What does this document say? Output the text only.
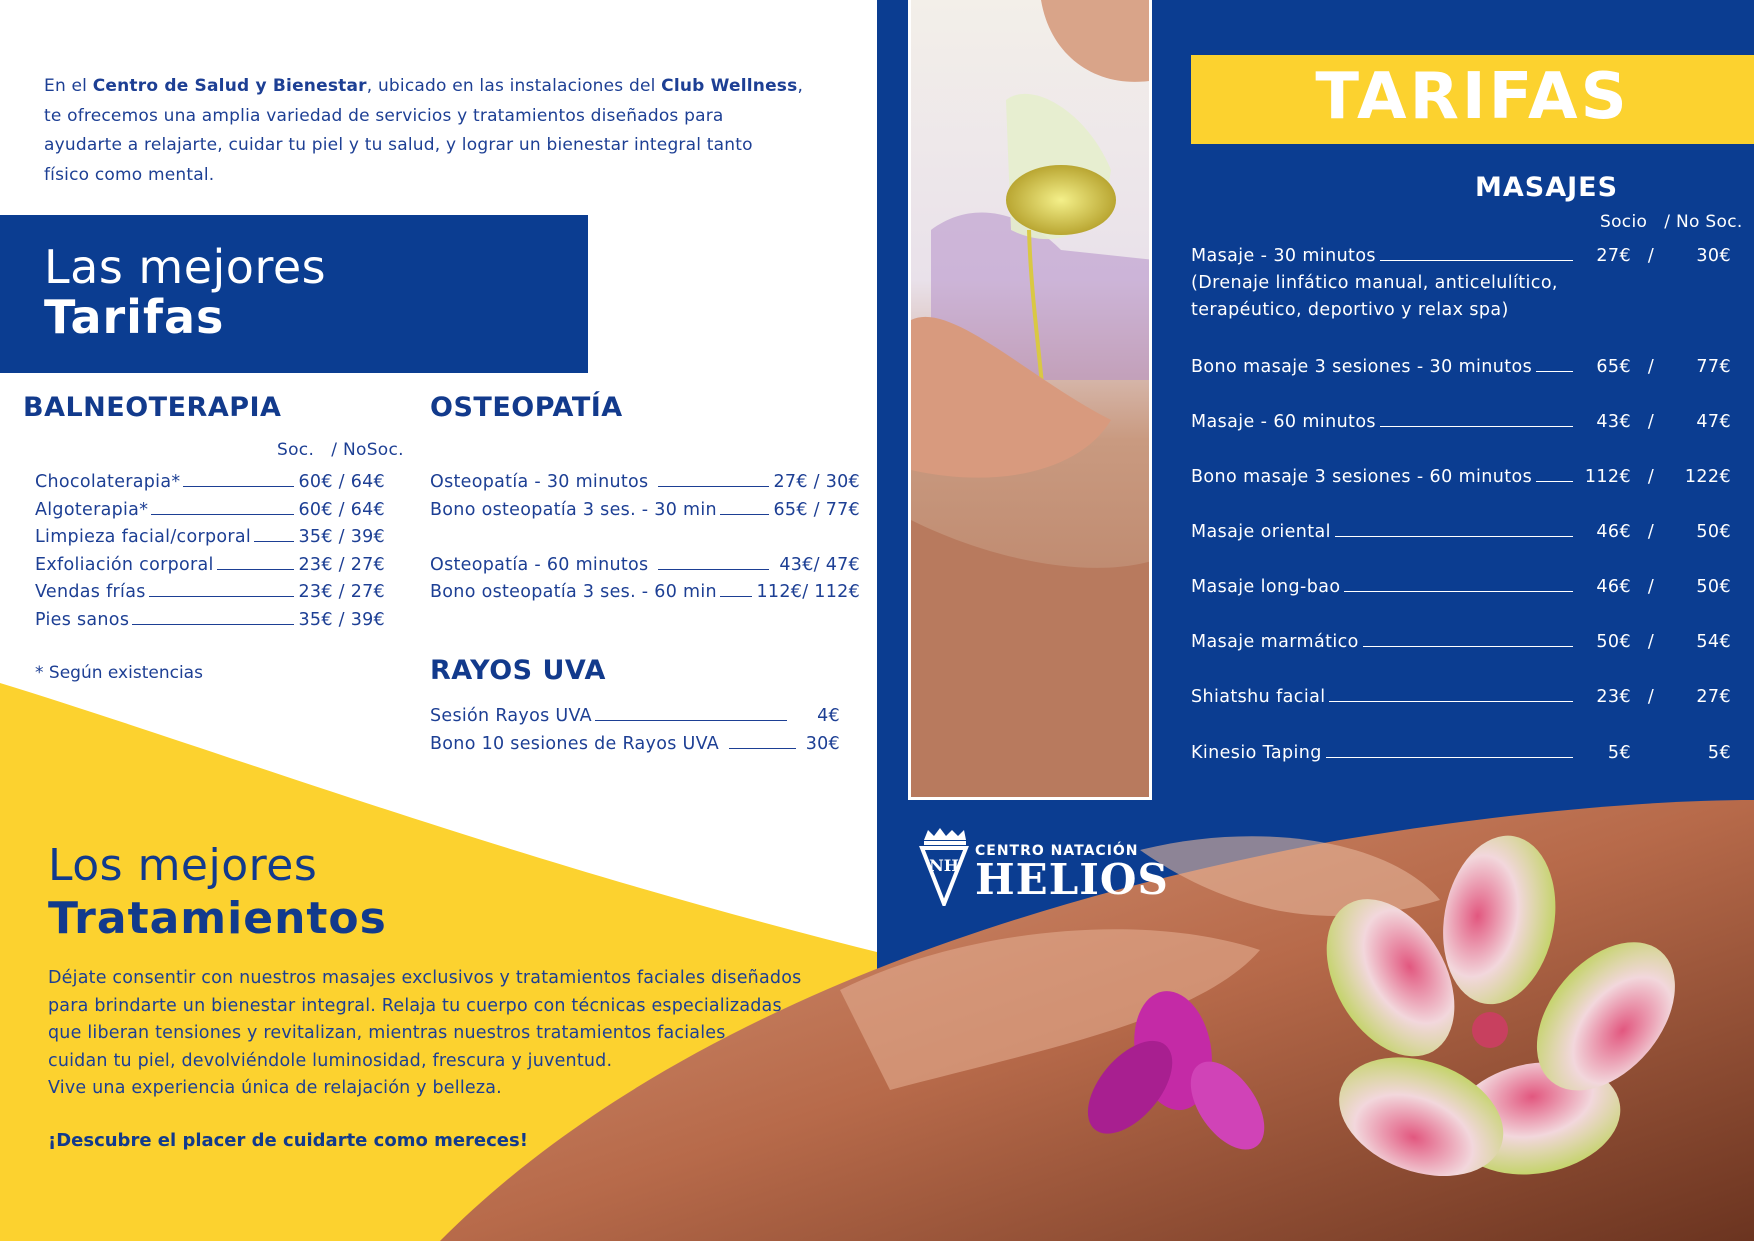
En el Centro de Salud y Bienestar, ubicado en las instalaciones del Club Wellness,
te ofrecemos una amplia variedad de servicios y tratamientos diseñados para
ayudarte a relajarte, cuidar tu piel y tu salud, y lograr un bienestar integral tanto
físico como mental.
Las mejores
Tarifas
BALNEOTERAPIA
Soc.   / NoSoc.
Chocolaterapia*	60€ / 64€
Algoterapia*	60€ / 64€
Limpieza facial/corporal	35€ / 39€
Exfoliación corporal	23€ / 27€
Vendas frías	23€ / 27€
Pies sanos	35€ / 39€
* Según existencias
OSTEOPATÍA
Osteopatía - 30 minutos	27€ / 30€
Bono osteopatía 3 ses. - 30 min	65€ / 77€
Osteopatía - 60 minutos	43€/ 47€
Bono osteopatía 3 ses. - 60 min 112€/ 112€
RAYOS UVA
Sesión Rayos UVA	4€
Bono 10 sesiones de Rayos UVA	30€
Los mejores
Tratamientos
Déjate consentir con nuestros masajes exclusivos y tratamientos faciales diseñados
para brindarte un bienestar integral. Relaja tu cuerpo con técnicas especializadas
que liberan tensiones y revitalizan, mientras nuestros tratamientos faciales
cuidan tu piel, devolviéndole luminosidad, frescura y juventud.
Vive una experiencia única de relajación y belleza.
¡Descubre el placer de cuidarte como mereces!
TARIFAS
MASAJES
Socio   / No Soc.
Masaje - 30 minutos	27€ /	30€
(Drenaje linfático manual, anticelulítico,
terapéutico, deportivo y relax spa)
Bono masaje 3 sesiones - 30 minutos	65€ /	77€
Masaje - 60 minutos	43€ /	47€
Bono masaje 3 sesiones - 60 minutos	112€ /	122€
Masaje oriental	46€ /	50€
Masaje long-bao	46€ /	50€
Masaje marmático	50€ /	54€
Shiatshu facial	23€ /	27€
Kinesio Taping	5€	5€
NH
CENTRO NATACIÓN
HELIOS
